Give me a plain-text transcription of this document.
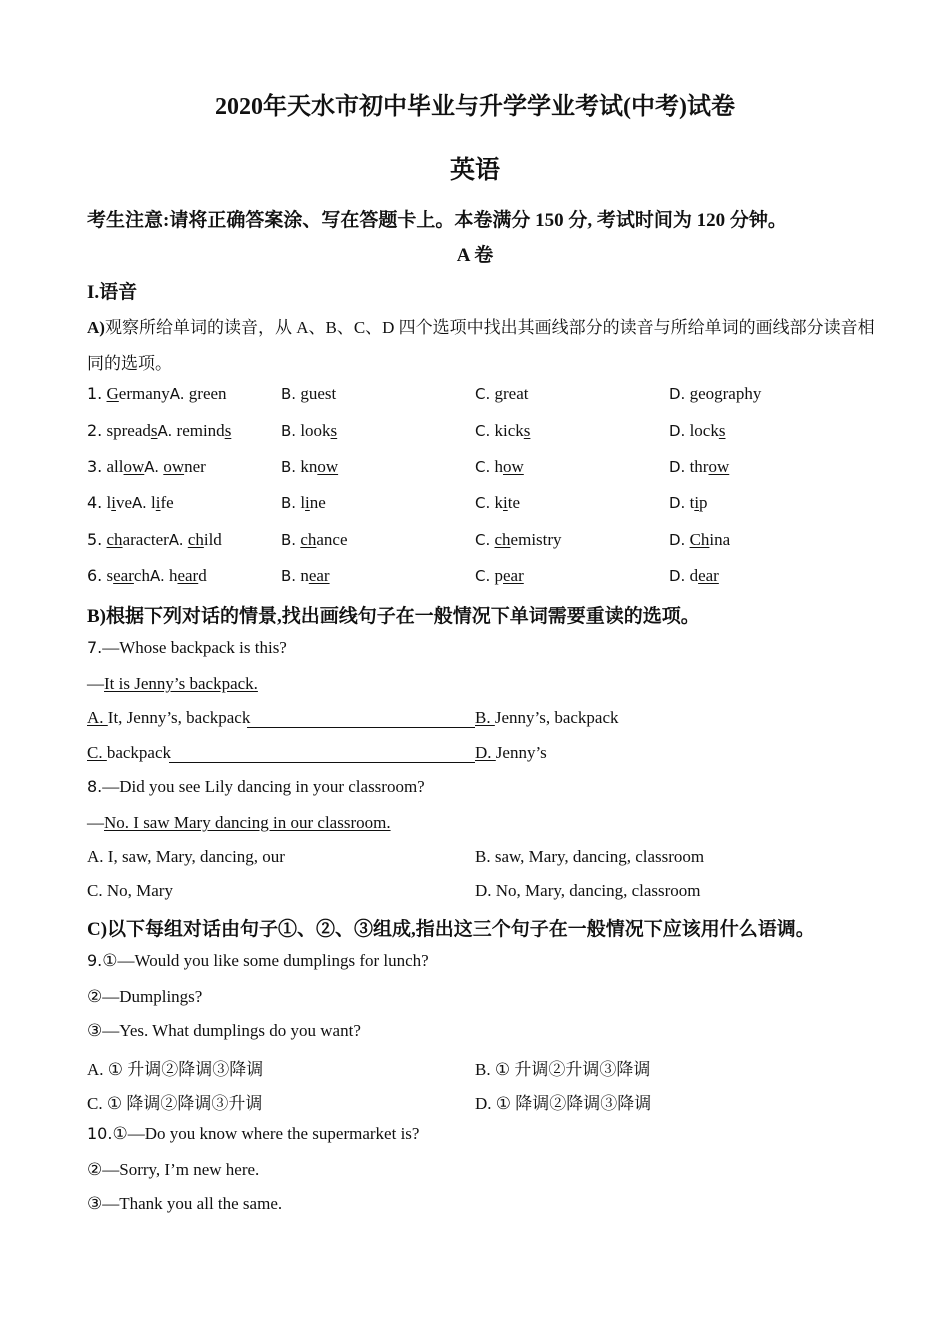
2020年天水市初中毕业与升学学业考试(中考)试卷
英语
考生注意:请将正确答案涂、写在答题卡上。本卷满分 150 分, 考试时间为 120 分钟。
A 卷
I.语音
A)观察所给单词的读音，从 A、B、C、D 四个选项中找出其画线部分的读音与所给单词的画线部分读音相
同的选项。
1. GermanyA. green	B. guest	C. great	D. geography
2. spreadsA. reminds	B. looks	C. kicks	D. locks
3. allowA. owner	B. know	C. how	D. throw
4. liveA. life	B. line	C. kite	D. tip
5. characterA. child	B. chance	C. chemistry	D. China
6. searchA. heard	B. near	C. pear	D. dear
B)根据下列对话的情景,找出画线句子在一般情况下单词需要重读的选项。
7.—Whose backpack is this?
—It is Jenny’s backpack.
A. It, Jenny’s, backpack	B. Jenny’s, backpack
C. backpack	D. Jenny’s
8.—Did you see Lily dancing in your classroom?
—No. I saw Mary dancing in our classroom.
A. I, saw, Mary, dancing, our	B. saw, Mary, dancing, classroom
C. No, Mary	D. No, Mary, dancing, classroom
C)以下每组对话由句子①、②、③组成,指出这三个句子在一般情况下应该用什么语调。
9.①—Would you like some dumplings for lunch?
②—Dumplings?
③—Yes. What dumplings do you want?
A. ① 升调②降调③降调	B. ① 升调②升调③降调
C. ① 降调②降调③升调	D. ① 降调②降调③降调
10.①—Do you know where the supermarket is?
②—Sorry, I’m new here.
③—Thank you all the same.
